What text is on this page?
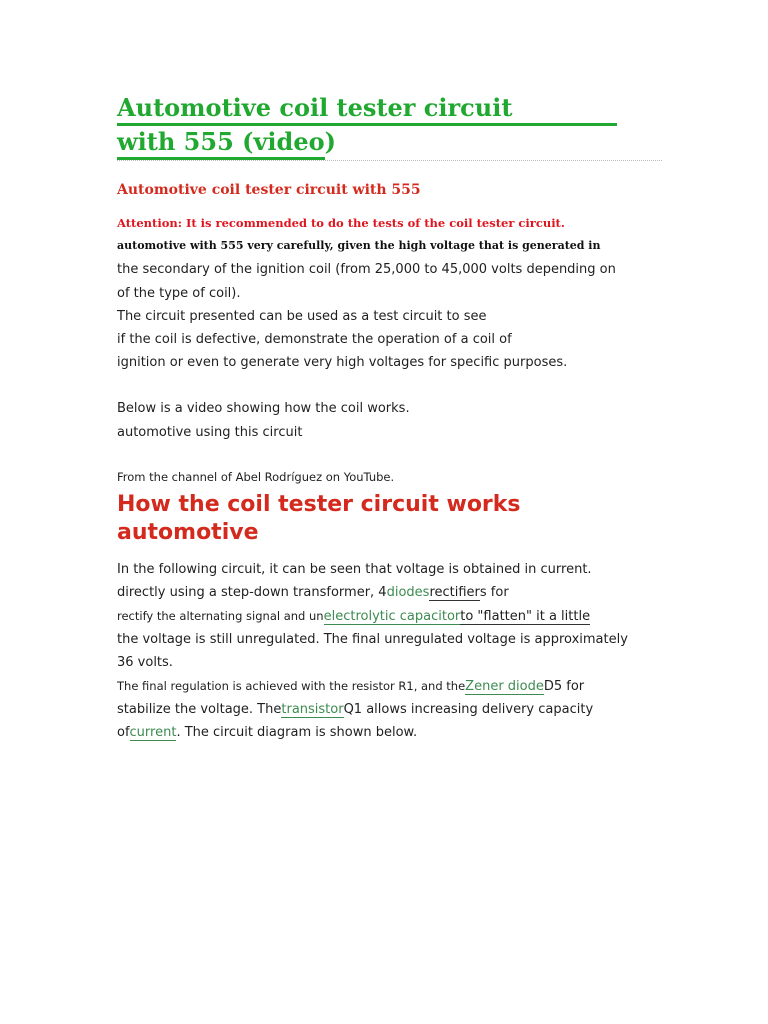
Automotive coil tester circuit
with 555 (video)
Automotive coil tester circuit with 555
Attention: It is recommended to do the tests of the coil tester circuit.
automotive with 555 very carefully, given the high voltage that is generated in
the secondary of the ignition coil (from 25,000 to 45,000 volts depending on
of the type of coil).
The circuit presented can be used as a test circuit to see
if the coil is defective, demonstrate the operation of a coil of
ignition or even to generate very high voltages for specific purposes.
Below is a video showing how the coil works.
automotive using this circuit
From the channel of Abel Rodríguez on YouTube.
How the coil tester circuit works
automotive
In the following circuit, it can be seen that voltage is obtained in current.
directly using a step-down transformer, 4diodesrectifiers for
rectify the alternating signal and unelectrolytic capacitorto "flatten" it a little
the voltage is still unregulated. The final unregulated voltage is approximately
36 volts.
The final regulation is achieved with the resistor R1, and theZener diodeD5 for
stabilize the voltage. ThetransistorQ1 allows increasing delivery capacity
ofcurrent. The circuit diagram is shown below.
